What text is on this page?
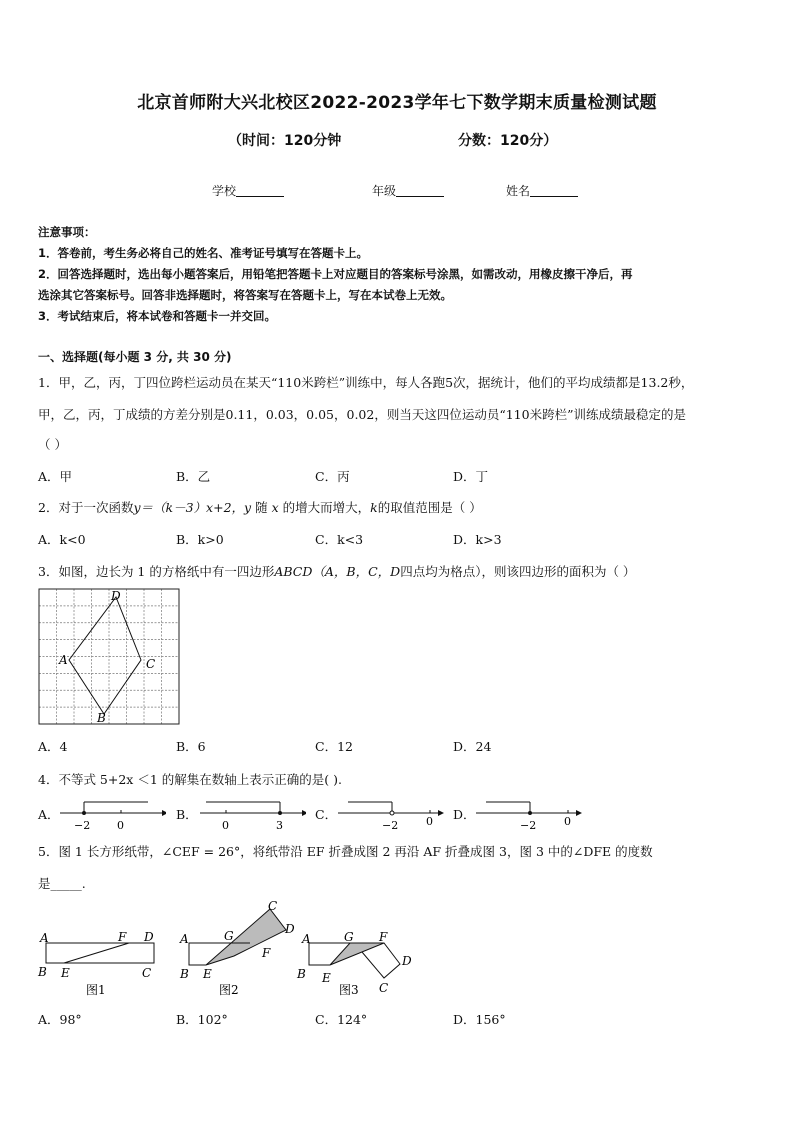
北京首师附大兴北校区2022-2023学年七下数学期末质量检测试题
（时间：120分钟	分数：120分）
学校	年级	姓名
注意事项：
1．答卷前，考生务必将自己的姓名、准考证号填写在答题卡上。
2．回答选择题时，选出每小题答案后，用铅笔把答题卡上对应题目的答案标号涂黑，如需改动，用橡皮擦干净后，再
选涂其它答案标号。回答非选择题时，将答案写在答题卡上，写在本试卷上无效。
3．考试结束后，将本试卷和答题卡一并交回。
一、选择题(每小题 3 分, 共 30 分)
1．甲，乙，丙，丁四位跨栏运动员在某天“110米跨栏”训练中，每人各跑5次，据统计，他们的平均成绩都是13.2秒，
甲，乙，丙，丁成绩的方差分别是0.11，0.03，0.05，0.02，则当天这四位运动员“110米跨栏”训练成绩最稳定的是
（ ）
A．甲	B．乙	C．丙	D．丁
2．对于一次函数y＝（k－3）x+2，y 随 x 的增大而增大，k的取值范围是（ ）
A．k<0	B．k>0	C．k<3	D．k>3
3．如图，边长为 1 的方格纸中有一四边形ABCD（A，B，C，D四点均为格点），则该四边形的面积为（ ）
D
A	C
B
A．4	B．6	C．12	D．24
4．不等式 5+2x ＜1 的解集在数轴上表示正确的是( ).
A．
−2 0
B．
0	3
C．
−2	0 D．
−2	0
5．图 1 长方形纸带，∠CEF = 26°，将纸带沿 EF 折叠成图 2 再沿 AF 折叠成图 3，图 3 中的∠DFE 的度数
是_____.
A	F D
B E	C
图1
A	G
C
D
F
B E
图2
A	G F
D
C
B E
图3
A．98°	B．102°	C．124°	D．156°
